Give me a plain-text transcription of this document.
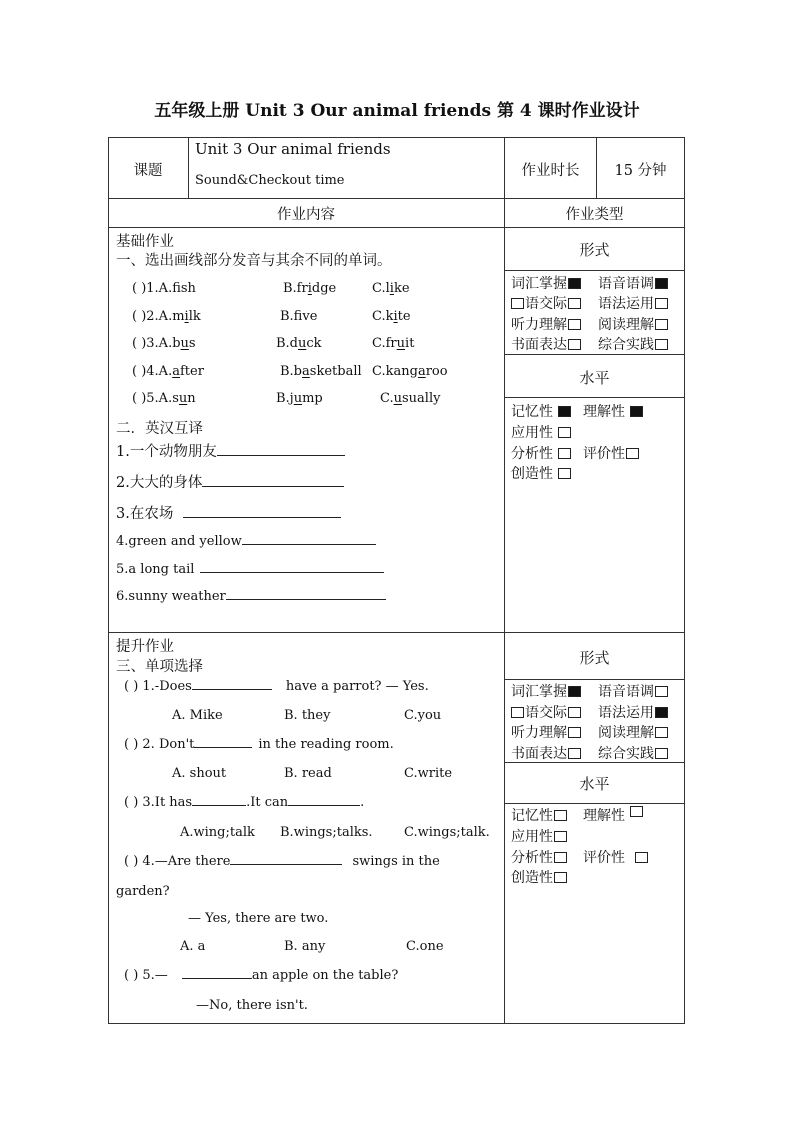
五年级上册 Unit 3 Our animal friends 第 4 课时作业设计
课题
Unit 3 Our animal friends
Sound&Checkout time
作业时长	15 分钟
作业内容	作业类型
基础作业
一、选出画线部分发音与其余不同的单词。
( )1.A.fsh	B.fridge	C.like
( )2.A.milk	B.fve	C.kite
( )3.A.bus	B.duck	C.fruit
( )4.A.after	B.basketball C.kangaroo
( )5.A.sun	B.jump	C.usually
二．英汉互译
1.一个动物朋友
2.大大的身体
3.在农场
4.green and yellow
5.a long tail
6.sunny weather
形式
词汇掌握	语音语调
语交际	语法运用
听力理解	阅读理解
书面表达	综合实践
水平
记忆性	理解性
应用性
分析性	评价性
创造性
提升作业
三、单项选择
( ) 1.-Does	have a parrot? — Yes.
A. Mike	B. they	C.you
( ) 2. Don't	in the reading room.
A. shout	B. read	C.write
( ) 3.It has	.It can	.
A.wing;talk B.wings;talks. C.wings;talk.
( ) 4.—Are there	swings in the
garden?
— Yes, there are two.
A. a	B. any	C.one
( ) 5.—	an apple on the table?
—No, there isn't.
形式
词汇掌握	语音语调
语交际	语法运用
听力理解	阅读理解
书面表达	综合实践
水平
记忆性	理解性
应用性
分析性	评价性
创造性
